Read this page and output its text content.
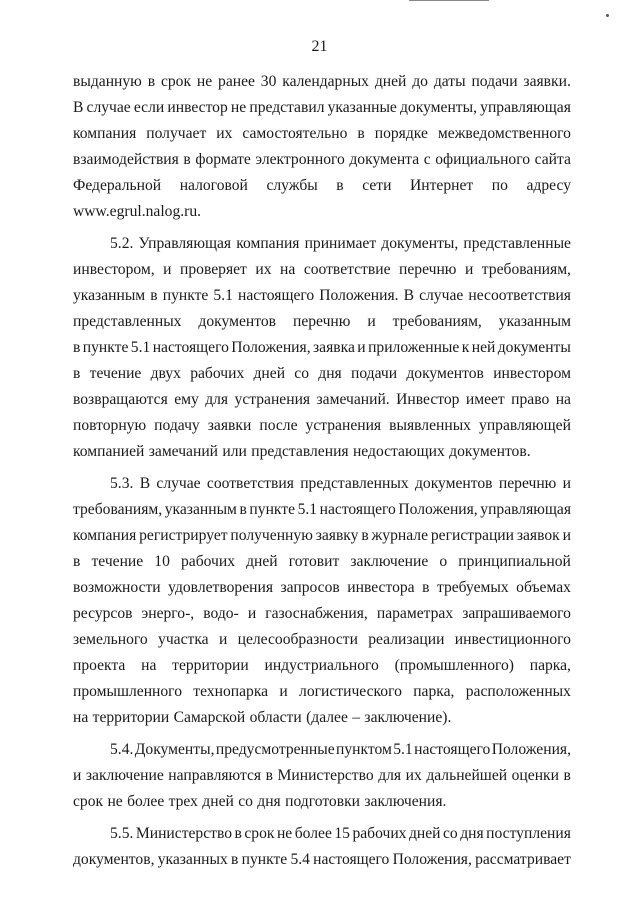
21
выданную в срок не ранее 30 календарных дней до даты подачи заявки.
В случае если инвестор не представил указанные документы, управляющая
компания получает их самостоятельно в порядке межведомственного
взаимодействия в формате электронного документа с официального сайта
Федеральной налоговой службы в сети Интернет по адресу
www.egrul.nalog.ru.
5.2. Управляющая компания принимает документы, представленные
инвестором, и проверяет их на соответствие перечню и требованиям,
указанным в пункте 5.1 настоящего Положения. В случае несоответствия
представленных документов перечню и требованиям, указанным
в пункте 5.1 настоящего Положения, заявка и приложенные к ней документы
в течение двух рабочих дней со дня подачи документов инвестором
возвращаются ему для устранения замечаний. Инвестор имеет право на
повторную подачу заявки после устранения выявленных управляющей
компанией замечаний или представления недостающих документов.
5.3. В случае соответствия представленных документов перечню и
требованиям, указанным в пункте 5.1 настоящего Положения, управляющая
компания регистрирует полученную заявку в журнале регистрации заявок и
в течение 10 рабочих дней готовит заключение о принципиальной
возможности удовлетворения запросов инвестора в требуемых объемах
ресурсов энерго-, водо- и газоснабжения, параметрах запрашиваемого
земельного участка и целесообразности реализации инвестиционного
проекта на территории индустриального (промышленного) парка,
промышленного технопарка и логистического парка, расположенных
на территории Самарской области (далее – заключение).
5.4. Документы, предусмотренные пунктом 5.1 настоящего Положения,
и заключение направляются в Министерство для их дальнейшей оценки в
срок не более трех дней со дня подготовки заключения.
5.5. Министерство в срок не более 15 рабочих дней со дня поступления
документов, указанных в пункте 5.4 настоящего Положения, рассматривает
